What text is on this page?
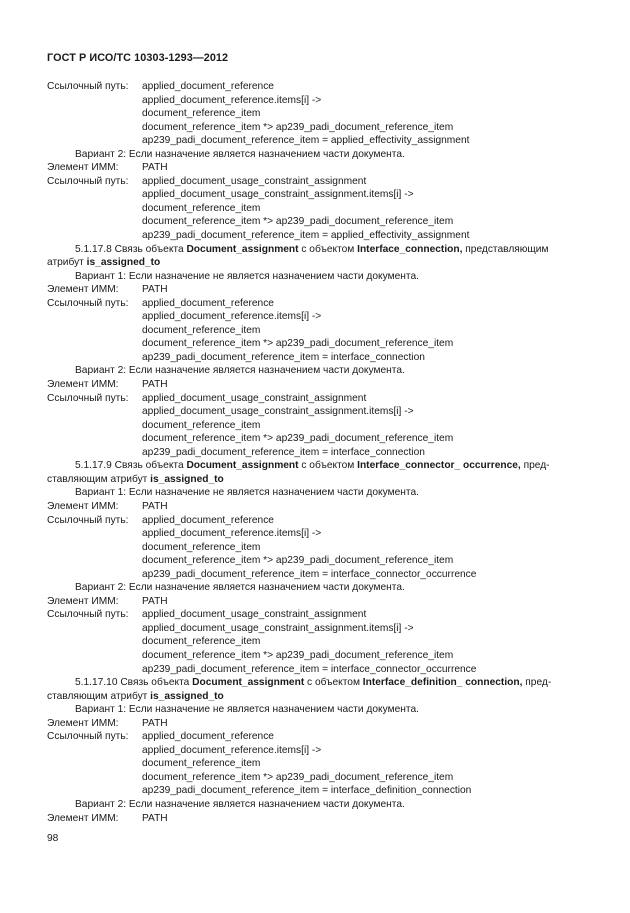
ГОСТ Р ИСО/ТС 10303-1293—2012
Ссылочный путь: applied_document_reference
applied_document_reference.items[i] ->
document_reference_item
document_reference_item *> ap239_padi_document_reference_item
ap239_padi_document_reference_item = applied_effectivity_assignment
Вариант 2: Если назначение является назначением части документа.
Элемент ИММ: PATH
Ссылочный путь: applied_document_usage_constraint_assignment
applied_document_usage_constraint_assignment.items[i] ->
document_reference_item
document_reference_item *> ap239_padi_document_reference_item
ap239_padi_document_reference_item = applied_effectivity_assignment
5.1.17.8 Связь объекта Document_assignment с объектом Interface_connection, представляющим
атрибут is_assigned_to
Вариант 1: Если назначение не является назначением части документа.
Элемент ИММ: PATH
Ссылочный путь: applied_document_reference
applied_document_reference.items[i] ->
document_reference_item
document_reference_item *> ap239_padi_document_reference_item
ap239_padi_document_reference_item = interface_connection
Вариант 2: Если назначение является назначением части документа.
Элемент ИММ: PATH
Ссылочный путь: applied_document_usage_constraint_assignment
applied_document_usage_constraint_assignment.items[i] ->
document_reference_item
document_reference_item *> ap239_padi_document_reference_item
ap239_padi_document_reference_item = interface_connection
5.1.17.9 Связь объекта Document_assignment с объектом Interface_connector_ occurrence, пред-
ставляющим атрибут is_assigned_to
Вариант 1: Если назначение не является назначением части документа.
Элемент ИММ: PATH
Ссылочный путь: applied_document_reference
applied_document_reference.items[i] ->
document_reference_item
document_reference_item *> ap239_padi_document_reference_item
ap239_padi_document_reference_item = interface_connector_occurrence
Вариант 2: Если назначение является назначением части документа.
Элемент ИММ: PATH
Ссылочный путь: applied_document_usage_constraint_assignment
applied_document_usage_constraint_assignment.items[i] ->
document_reference_item
document_reference_item *> ap239_padi_document_reference_item
ap239_padi_document_reference_item = interface_connector_occurrence
5.1.17.10 Связь объекта Document_assignment с объектом Interface_definition_ connection, пред-
ставляющим атрибут is_assigned_to
Вариант 1: Если назначение не является назначением части документа.
Элемент ИММ: PATH
Ссылочный путь: applied_document_reference
applied_document_reference.items[i] ->
document_reference_item
document_reference_item *> ap239_padi_document_reference_item
ap239_padi_document_reference_item = interface_definition_connection
Вариант 2: Если назначение является назначением части документа.
Элемент ИММ: PATH
98
